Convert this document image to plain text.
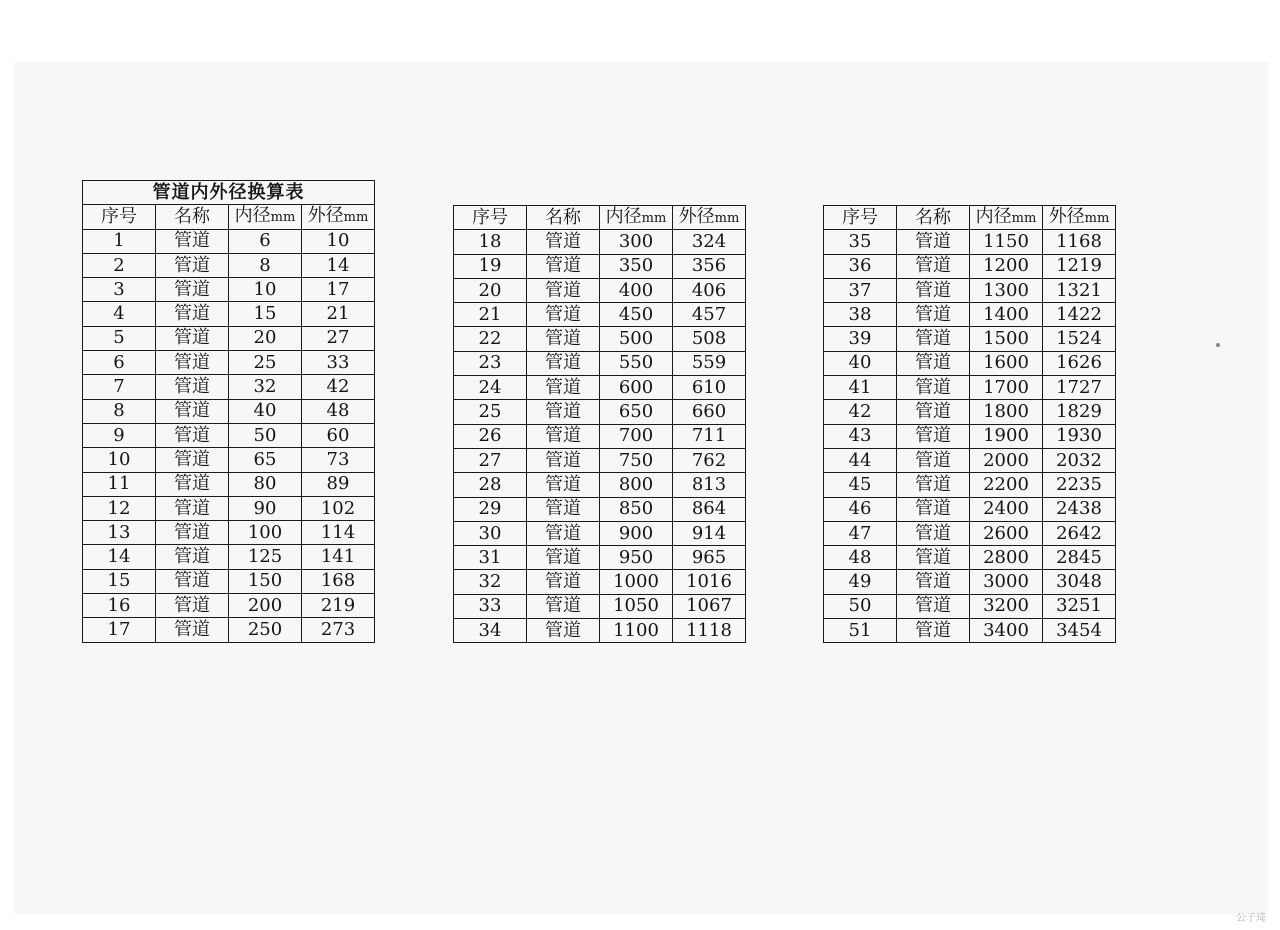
管道内外径换算表			
序号	名称	内径mm	外径mm
1	管道	6	10
2	管道	8	14
3	管道	10	17
4	管道	15	21
5	管道	20	27
6	管道	25	33
7	管道	32	42
8	管道	40	48
9	管道	50	60
10	管道	65	73
11	管道	80	89
12	管道	90	102
13	管道	100	114
14	管道	125	141
15	管道	150	168
16	管道	200	219
17	管道	250	273
序号	名称	内径mm	外径mm
18	管道	300	324
19	管道	350	356
20	管道	400	406
21	管道	450	457
22	管道	500	508
23	管道	550	559
24	管道	600	610
25	管道	650	660
26	管道	700	711
27	管道	750	762
28	管道	800	813
29	管道	850	864
30	管道	900	914
31	管道	950	965
32	管道	1000	1016
33	管道	1050	1067
34	管道	1100	1118
序号	名称	内径mm	外径mm
35	管道	1150	1168
36	管道	1200	1219
37	管道	1300	1321
38	管道	1400	1422
39	管道	1500	1524
40	管道	1600	1626
41	管道	1700	1727
42	管道	1800	1829
43	管道	1900	1930
44	管道	2000	2032
45	管道	2200	2235
46	管道	2400	2438
47	管道	2600	2642
48	管道	2800	2845
49	管道	3000	3048
50	管道	3200	3251
51	管道	3400	3454
公子琦
